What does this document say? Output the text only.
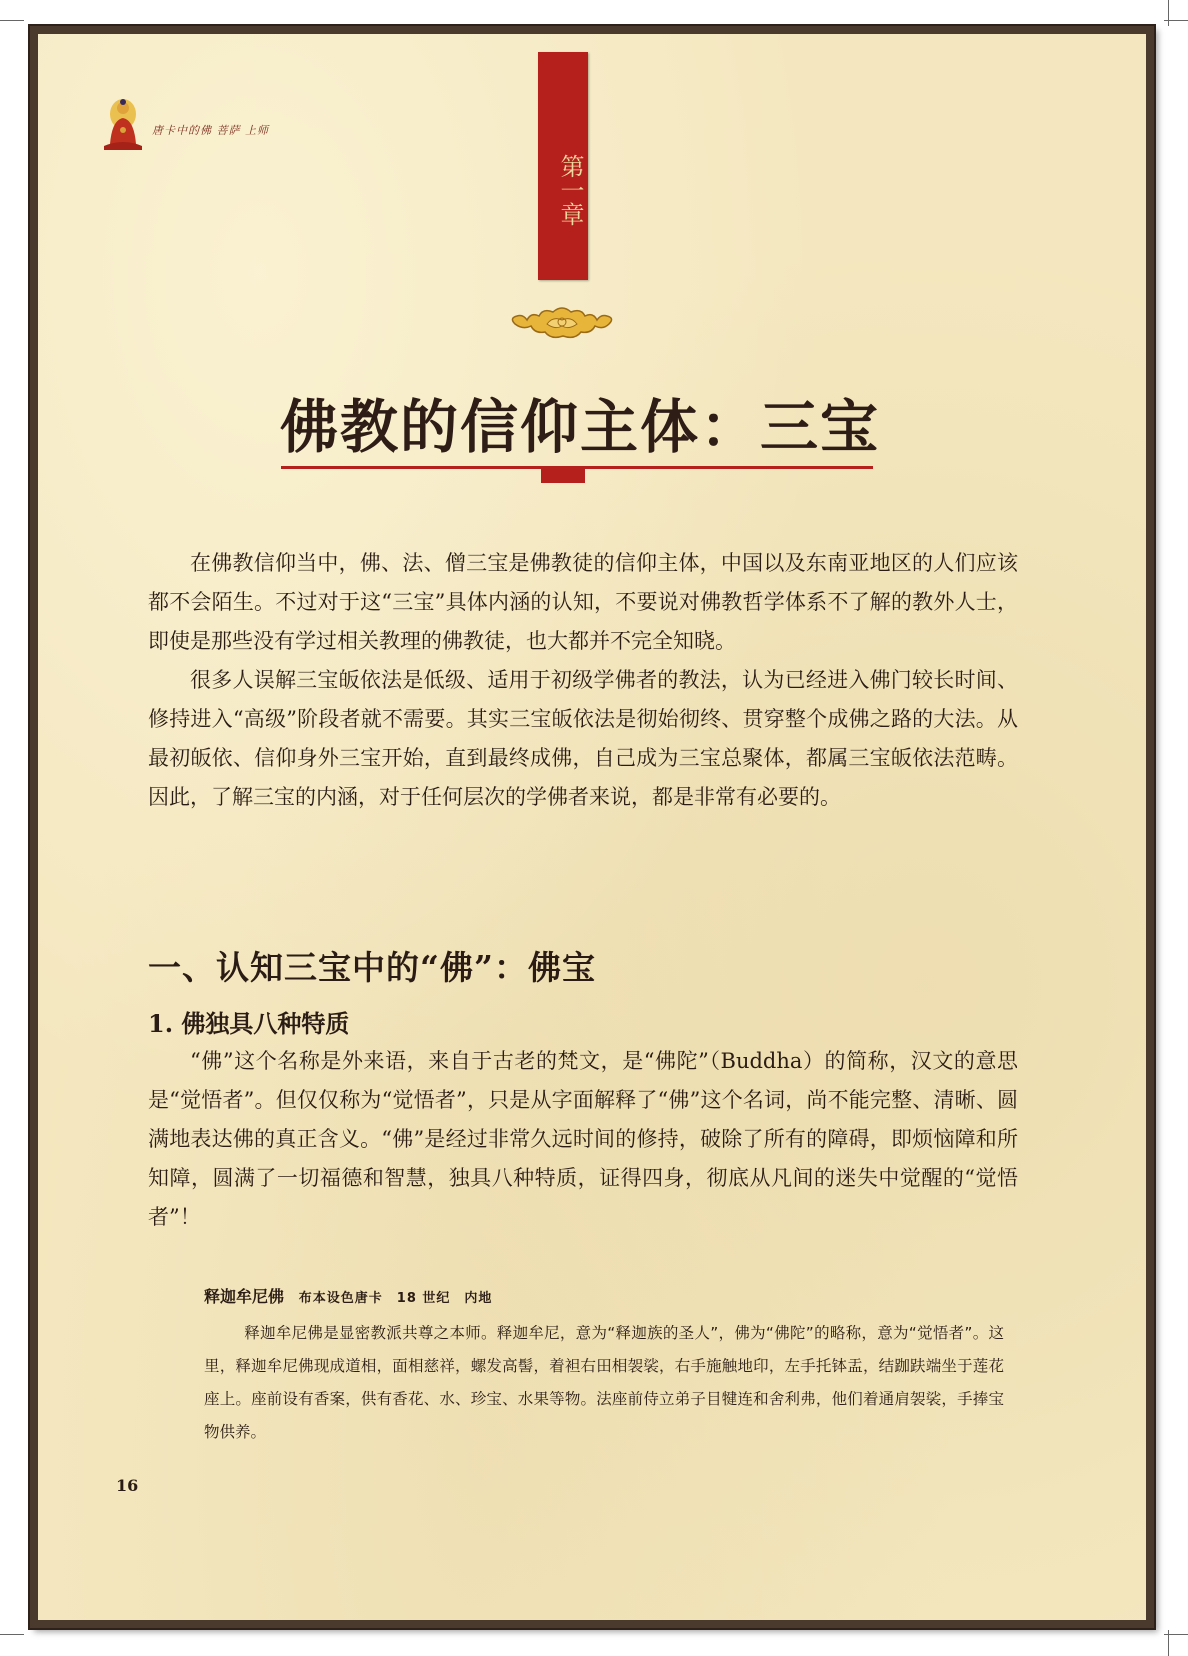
唐卡中的佛 菩萨 上师
第一章
佛教的信仰主体：三宝

在佛教信仰当中，佛、法、僧三宝是佛教徒的信仰主体，中国以及东南亚地区的人们应该都不会陌生。不过对于这“三宝”具体内涵的认知，不要说对佛教哲学体系不了解的教外人士，即使是那些没有学过相关教理的佛教徒，也大都并不完全知晓。

很多人误解三宝皈依法是低级、适用于初级学佛者的教法，认为已经进入佛门较长时间、修持进入“高级”阶段者就不需要。其实三宝皈依法是彻始彻终、贯穿整个成佛之路的大法。从最初皈依、信仰身外三宝开始，直到最终成佛，自己成为三宝总聚体，都属三宝皈依法范畴。因此，了解三宝的内涵，对于任何层次的学佛者来说，都是非常有必要的。

一、认知三宝中的“佛”：佛宝
1. 佛独具八种特质

“佛”这个名称是外来语，来自于古老的梵文，是“佛陀”（Buddha）的简称，汉文的意思是“觉悟者”。但仅仅称为“觉悟者”，只是从字面解释了“佛”这个名词，尚不能完整、清晰、圆满地表达佛的真正含义。“佛”是经过非常久远时间的修持，破除了所有的障碍，即烦恼障和所知障，圆满了一切福德和智慧，独具八种特质，证得四身，彻底从凡间的迷失中觉醒的“觉悟者”！

释迦牟尼佛 布本设色唐卡　18 世纪　内地

释迦牟尼佛是显密教派共尊之本师。释迦牟尼，意为“释迦族的圣人”，佛为“佛陀”的略称，意为“觉悟者”。这里，释迦牟尼佛现成道相，面相慈祥，螺发高髻，着袒右田相袈裟，右手施触地印，左手托钵盂，结跏趺端坐于莲花座上。座前设有香案，供有香花、水、珍宝、水果等物。法座前侍立弟子目犍连和舍利弗，他们着通肩袈裟，手捧宝物供养。

16
